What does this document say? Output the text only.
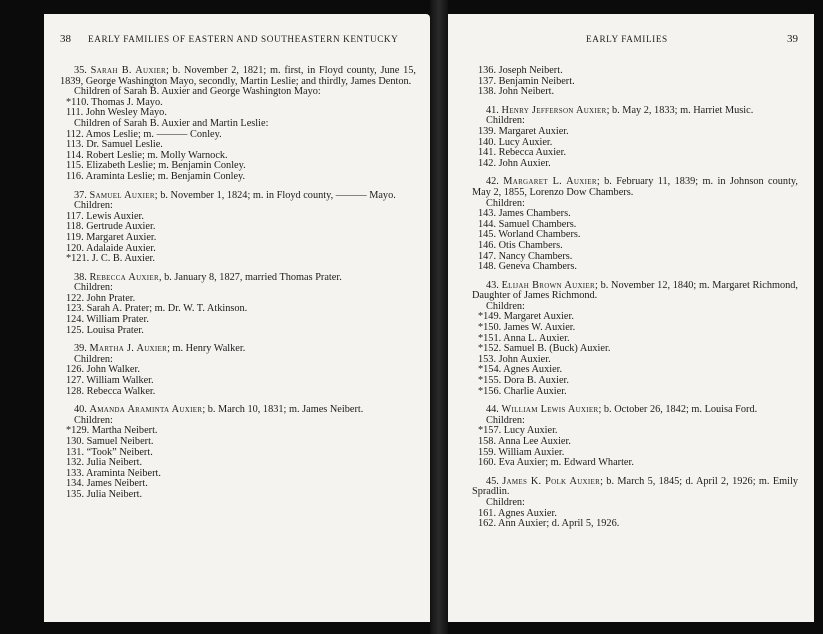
38 EARLY FAMILIES OF EASTERN AND SOUTHEASTERN KENTUCKY

35. Sarah B. Auxier; b. November 2, 1821; m. first, in Floyd county, June 15, 1839, George Washington Mayo, secondly, Martin Leslie; and thirdly, James Denton.

Children of Sarah B. Auxier and George Washington Mayo:

*110. Thomas J. Mayo.

111. John Wesley Mayo.

Children of Sarah B. Auxier and Martin Leslie:

112. Amos Leslie; m. ——— Conley.

113. Dr. Samuel Leslie.

114. Robert Leslie; m. Molly Warnock.

115. Elizabeth Leslie; m. Benjamin Conley.

116. Araminta Leslie; m. Benjamin Conley.

37. Samuel Auxier; b. November 1, 1824; m. in Floyd county, ——— Mayo.

Children:

117. Lewis Auxier.

118. Gertrude Auxier.

119. Margaret Auxier.

120. Adalaide Auxier.

*121. J. C. B. Auxier.

38. Rebecca Auxier, b. January 8, 1827, married Thomas Prater.

Children:

122. John Prater.

123. Sarah A. Prater; m. Dr. W. T. Atkinson.

124. William Prater.

125. Louisa Prater.

39. Martha J. Auxier; m. Henry Walker.

Children:

126. John Walker.

127. William Walker.

128. Rebecca Walker.

40. Amanda Araminta Auxier; b. March 10, 1831; m. James Neibert.

Children:

*129. Martha Neibert.

130. Samuel Neibert.

131. “Took” Neibert.

132. Julia Neibert.

133. Araminta Neibert.

134. James Neibert.

135. Julia Neibert.

EARLY FAMILIES	39

136. Joseph Neibert.

137. Benjamin Neibert.

138. John Neibert.

41. Henry Jefferson Auxier; b. May 2, 1833; m. Harriet Music.

Children:

139. Margaret Auxier.

140. Lucy Auxier.

141. Rebecca Auxier.

142. John Auxier.

42. Margaret L. Auxier; b. February 11, 1839; m. in Johnson county, May 2, 1855, Lorenzo Dow Chambers.

Children:

143. James Chambers.

144. Samuel Chambers.

145. Worland Chambers.

146. Otis Chambers.

147. Nancy Chambers.

148. Geneva Chambers.

43. Elijah Brown Auxier; b. November 12, 1840; m. Margaret Richmond, Daughter of James Richmond.

Children:

*149. Margaret Auxier.

*150. James W. Auxier.

*151. Anna L. Auxier.

*152. Samuel B. (Buck) Auxier.

153. John Auxier.

*154. Agnes Auxier.

*155. Dora B. Auxier.

*156. Charlie Auxier.

44. William Lewis Auxier; b. October 26, 1842; m. Louisa Ford.

Children:

*157. Lucy Auxier.

158. Anna Lee Auxier.

159. William Auxier.

160. Eva Auxier; m. Edward Wharter.

45. James K. Polk Auxier; b. March 5, 1845; d. April 2, 1926; m. Emily Spradlin.

Children:

161. Agnes Auxier.

162. Ann Auxier; d. April 5, 1926.
